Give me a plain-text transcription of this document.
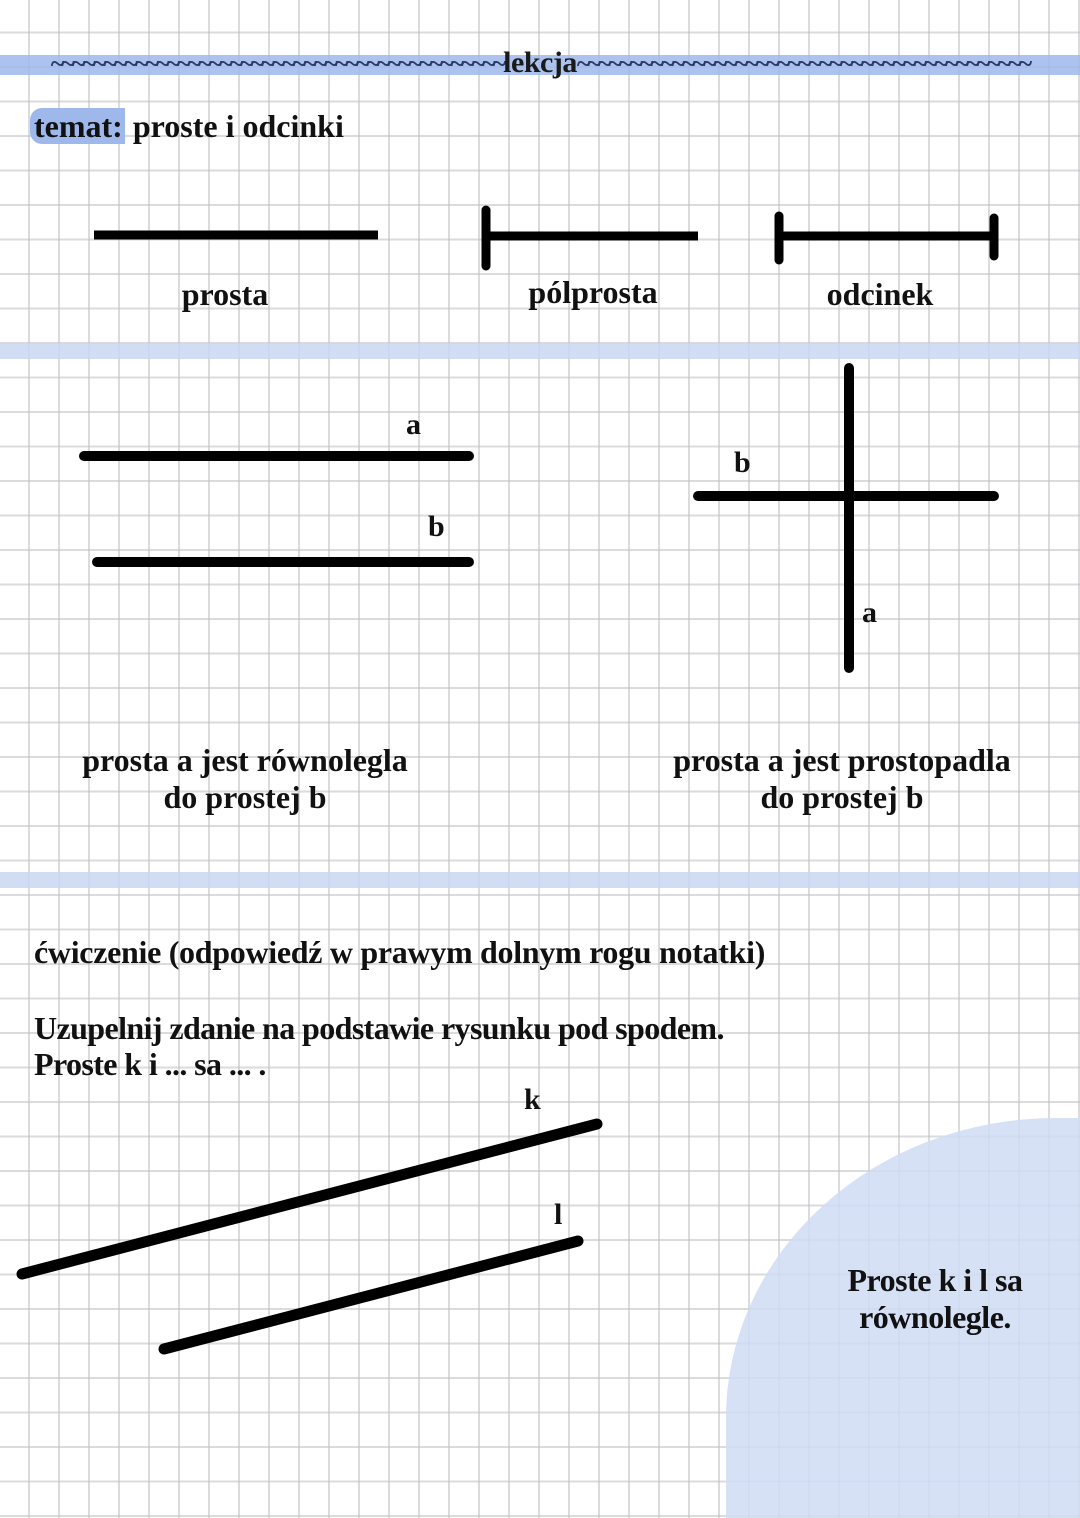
~~~~~~~~~~~~~~~~~~~~~~~~~~~~~~~~~~~~~~~~~~~lekcja~~~~~~~~~~~~~~~~~~~~~~~~~~~~~~~~~~~~~~~~~~~
temat: proste i odcinki
prosta	pólprosta	odcinek
a
b
b
a
prosta a jest równolegla
do prostej b
prosta a jest prostopadla
do prostej b
ćwiczenie (odpowiedź w prawym dolnym rogu notatki)
Uzupelnij zdanie na podstawie rysunku pod spodem.
Proste k i ... sa ... .
k
l
Proste k i l sa
równolegle.
